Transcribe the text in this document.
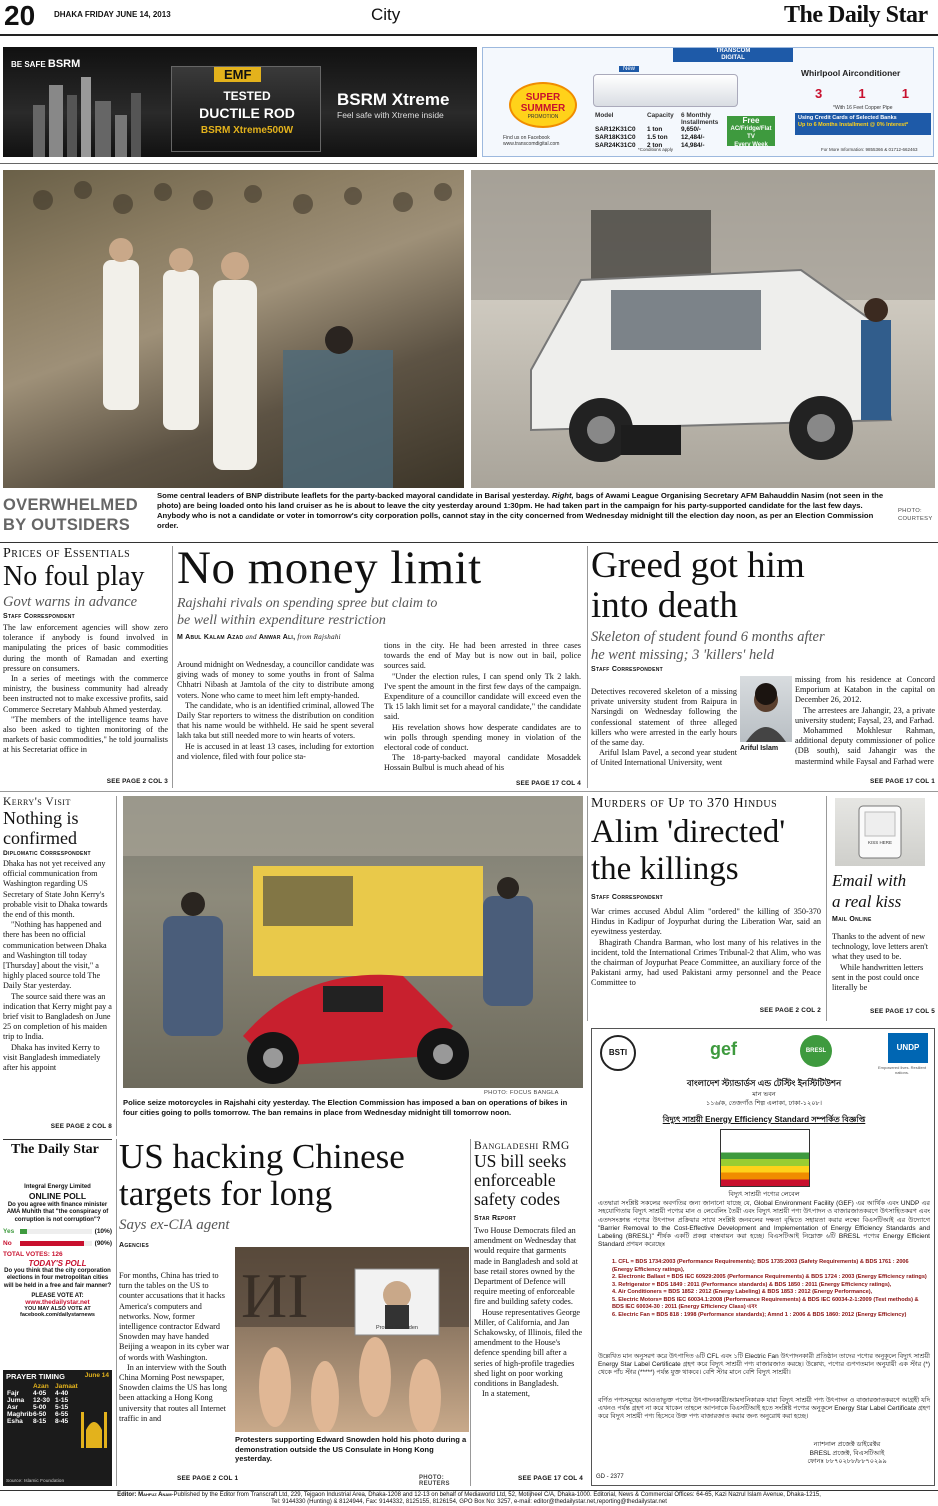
20 DHAKA FRIDAY JUNE 14, 2013	City	The Daily Star
BE SAFE BSRM
EMF
TESTED
DUCTILE ROD
BSRM Xtreme500W
BSRM Xtreme
Feel safe with Xtreme inside
TRANSCOM
DIGITAL
SUPER SUMMER
PROMOTION
New
Model	Capacity 6 Monthly Installments
SAR12K31C0	1 ton	9,650/-
SAR18K31C0	1.5 ton	12,484/-
SAR24K31C0	2 ton	14,984/-
Free
AC/Fridge/Flat TV
Every Week
Whirlpool Airconditioner
3	1	1
*With 16 Feet Copper Pipe
Using Credit Cards of Selected Banks
Up to 6 Months Installment @ 0% Interest*
Find us on Facebook
www.transcomdigital.com
*Conditions apply	For More Information: 9855366 & 01712-662463
OVERWHELMED
BY OUTSIDERS
Some central leaders of BNP distribute leaflets for the party-backed mayoral candidate in Barisal yesterday. Right, bags of Awami League Organising Secretary AFM Bahauddin Nasim (not seen in the photo) are being loaded onto his land cruiser as he is about to leave the city yesterday around 1:30pm. He had taken part in the campaign for his party-supported candidate for the last few days. Anybody who is not a candidate or voter in tomorrow's city corporation polls, cannot stay in the city concerned from Wednesday midnight till the election day noon, as per an Election Commission order.
PHOTO:
COURTESY
Prices of Essentials
No foul play
Govt warns in advance
Staff Correspondent

The law enforcement agencies will show zero tolerance if anybody is found involved in manipulating the prices of basic commodities during the month of Ramadan and exerting pressure on consumers.

In a series of meetings with the commerce ministry, the business community had already been instructed not to make excessive profits, said Commerce Secretary Mahbub Ahmed yesterday.

"The members of the intelligence teams have also been asked to tighten monitoring of the markets of basic commodities," he told journalists at his Secretariat office in

SEE PAGE 2 COL 3
No money limit
Rajshahi rivals on spending spree but claim to
be well within expenditure restriction
M Abul Kalam Azad and Anwar Ali, from Rajshahi

Around midnight on Wednesday, a councillor candidate was giving wads of money to some youths in front of Salma Chhatri Nibash at Jamtola of the city to distribute among voters. None who came to meet him left empty-handed.

The candidate, who is an identified criminal, allowed The Daily Star reporters to witness the distribution on condition that his name would be withheld. He said he spent several lakh taka but still needed more to win hearts of voters.

He is accused in at least 13 cases, including for extortion and violence, filed with four police sta-

tions in the city. He had been arrested in three cases towards the end of May but is now out in bail, police sources said.

"Under the election rules, I can spend only Tk 2 lakh. I've spent the amount in the first few days of the campaign. Expenditure of a councillor candidate will exceed even the Tk 15 lakh limit set for a mayoral candidate," the candidate said.

His revelation shows how desperate candidates are to win polls through spending money in violation of the electoral code of conduct.

The 18-party-backed mayoral candidate Mosaddek Hossain Bulbul is much ahead of his

SEE PAGE 17 COL 4
Greed got him
into death
Skeleton of student found 6 months after
he went missing; 3 'killers' held
Staff Correspondent

Detectives recovered skeleton of a missing private university student from Raipura in Narsingdi on Wednesday following the confessional statement of three alleged killers who were arrested in the early hours of the same day.

Ariful Islam Pavel, a second year student of United International University, went

Ariful Islam

missing from his residence at Concord Emporium at Katabon in the capital on December 26, 2012.

The arrestees are Jahangir, 23, a private university student; Faysal, 23, and Farhad.

Mohammed Mokhlesur Rahman, additional deputy commissioner of police (DB south), said Jahangir was the mastermind while Faysal and Farhad were

SEE PAGE 17 COL 1
Kerry's Visit
Nothing is
confirmed
Diplomatic Correspondent

Dhaka has not yet received any official communication from Washington regarding US Secretary of State John Kerry's probable visit to Dhaka towards the end of this month.

"Nothing has happened and there has been no official communication between Dhaka and Washington till today [Thursday] about the visit," a highly placed source told The Daily Star yesterday.

The source said there was an indication that Kerry might pay a brief visit to Bangladesh on June 25 on completion of his maiden trip to India.

Dhaka has invited Kerry to visit Bangladesh immediately after his appoint

SEE PAGE 2 COL 8
PHOTO: FOCUS BANGLA
Police seize motorcycles in Rajshahi city yesterday. The Election Commission has imposed a ban on operations of bikes in four cities going to polls tomorrow. The ban remains in place from Wednesday midnight till tomorrow noon.
Murders of Up to 370 Hindus
Alim 'directed'
the killings
Staff Correspondent

War crimes accused Abdul Alim "ordered" the killing of 350-370 Hindus in Kadipur of Joypurhat during the Liberation War, said an eyewitness yesterday.

Bhagirath Chandra Barman, who lost many of his relatives in the incident, told the International Crimes Tribunal-2 that Alim, who was the chairman of Joypurhat Peace Committee, an auxiliary force of the Pakistani army, had used Pakistani army personnel and the Peace Committee to

SEE PAGE 2 COL 2
KISS HERE
Email with
a real kiss
Mail Online

Thanks to the advent of new technology, love letters aren't what they used to be.

While handwritten letters sent in the post could once literally be

SEE PAGE 17 COL 5
The Daily Star
Integral Energy Limited
ONLINE POLL
Do you agree with finance minister AMA Muhith that "the conspiracy of corruption is not corruption"?
Yes	(10%)
No	(90%)
TOTAL VOTES: 126
TODAY'S POLL
Do you think that the city corporation elections in four metropolitan cities will be held in a free and fair manner?
PLEASE VOTE AT:
www.thedailystar.net
YOU MAY ALSO VOTE AT
facebook.com/dailystarnews
PRAYER TIMING	June 14
	Azan	Jamaat
Fajr	4-05	4-40
Juma	12-30	1-15
Asr	5-00	5-15
Maghrib	6-50	6-55
Esha	8-15	8-45
Source: Islamic Foundation
US hacking Chinese
targets for long
Says ex-CIA agent
Agencies

For months, China has tried to turn the tables on the US to counter accusations that it hacks America's computers and networks. Now, former intelligence contractor Edward Snowden may have handed Beijing a weapon in its cyber war of words with Washington.

In an interview with the South China Morning Post newspaper, Snowden claims the US has long been attacking a Hong Kong university that routes all Internet traffic in and

SEE PAGE 2 COL 1
ИI	Protect Snowden
Protesters supporting Edward Snowden hold his photo during a demonstration outside the US Consulate in Hong Kong yesterday.
PHOTO: REUTERS
Bangladeshi RMG
US bill seeks
enforceable
safety codes
Star Report

Two House Democrats filed an amendment on Wednesday that would require that garments made in Bangladesh and sold at base retail stores owned by the Department of Defence will require meeting of enforceable fire and building safety codes.

House representatives George Miller, of California, and Jan Schakowsky, of Illinois, filed the amendment to the House's defence spending bill after a series of high-profile tragedies shed light on poor working conditions in Bangladesh.

In a statement,

SEE PAGE 17 COL 4
BSTI	gef	BRESL	UNDP
Empowered lives. Resilient nations.
বাংলাদেশ স্ট্যান্ডার্ডস এন্ড টেস্টিং ইনস্টিটিউশন
মান ভবন
১১৬/ক, তেজগাঁও শিল্প এলাকা, ঢাকা-১২০৮।
বিদ্যুৎ সাশ্রয়ী Energy Efficiency Standard সম্পর্কিত বিজ্ঞপ্তি
বিদ্যুৎ সাশ্রয়ী পণ্যের লেবেল
এতদ্বারা সংশ্লিষ্ট সকলের অবগতির জন্য জানানো যাচ্ছে যে, Global Environment Facility (GEF) এর আর্থিক এবং UNDP এর সহযোগিতায় বিদ্যুৎ সাশ্রয়ী পণ্যের মান ও লেবেলিং তৈরী এবং বিদ্যুৎ সাশ্রয়ী পণ্য উৎপাদন ও বাজারজাতকরণে উৎসাহিতকরণ এবং এতদসংক্রান্ত পণ্যের উৎপাদন প্রক্রিয়ার সাথে সংশ্লিষ্ট জনবলের দক্ষতা বৃদ্ধিতে সহায়তা করার লক্ষ্যে বিএসটিআই এর উদ্যোগে "Barrier Removal to the Cost-Effective Development and Implementation of Energy Efficiency Standards and Labeling (BRESL)" শীর্ষক একটি প্রকল্প বাস্তবায়ন করা হচ্ছে। বিএসটিআই নিম্নোক্ত ৬টি BRESL পণ্যের Energy Efficient Standard প্রণয়ন করেছেঃ
1. CFL = BDS 1734:2003 (Performance Requirements); BDS 1735:2003 (Safety Requirements) & BDS 1761 : 2006 (Energy Efficiency ratings),
2. Electronic Ballast = BDS IEC 60929:2005 (Performance Requirements) & BDS 1724 : 2003 (Energy Efficiency ratings)
3. Refrigerator = BDS 1849 : 2011 (Performance standards) & BDS 1850 : 2011 (Energy Efficiency ratings),
4. Air Conditioners = BDS 1852 : 2012 (Energy Labeling) & BDS 1853 : 2012 (Energy Performance),
5. Electric Motors= BDS IEC 60034.1:2008 (Performance Requirements) & BDS IEC 60034-2-1:2009 (Test methods) & BDS IEC 60034-30 : 2011 (Energy Efficiency Class) এবং
6. Electric Fan = BDS 818 : 1998 (Performance standards); Amnd 1 : 2006 & BDS 1860: 2012 (Energy Efficiency)
উল্লেখিত মান অনুসরণ করে উৎপাদিত ৬টি CFL এবং ১টি Electric Fan উৎপাদনকারী প্রতিষ্ঠান তাদের পণ্যের অনুকূলে বিদ্যুৎ সাশ্রয়ী Energy Star Label Certificate গ্রহণ করে বিদ্যুৎ সাশ্রয়ী পণ্য বাজারজাত করছে। উল্লেখ্য, পণ্যের গুণগতমান অনুযায়ী এক স্টার (*) থেকে পাঁচ স্টার (*****) পর্যন্ত যুক্ত থাকবে। বেশি স্টার মানে বেশি বিদ্যুৎ সাশ্রয়ী।
বর্ণিত পণ্যসমূহের আওতাভুক্ত পণ্যের উৎপাদনকারী/আমদানিকারক যারা বিদ্যুৎ সাশ্রয়ী পণ্য উৎপাদন ও বাজারজাতকরণে আগ্রহী যদি এখনও পর্যন্ত গ্রহণ না করে থাকেন তাহলে আপনাকে বিএসটিআই হতে সংশ্লিষ্ট পণ্যের অনুকূলে Energy Star Label Certificate গ্রহণ করে বিদ্যুৎ সাশ্রয়ী পণ্য হিসেবে উক্ত পণ্য বাজারজাত করার জন্য অনুরোধ করা হচ্ছে।
ন্যাশনাল প্রজেক্ট ডাইরেক্টর
BRESL প্রজেক্ট, বিএসটিআই
ফোনঃ ৮৮৭০২৮৮/৮৮৭০২৯৯
GD - 2377
Editor: Mahfuz Anam-Published by the Editor from Transcraft Ltd, 229, Tejgaon Industrial Area, Dhaka-1208 and 12-13 on behalf of Mediaworld Ltd, 52, Motijheel C/A, Dhaka-1000. Editorial, News & Commercial Offices: 64-65, Kazi Nazrul Islam Avenue, Dhaka-1215,
Tel: 9144330 (Hunting) & 8124944, Fax: 9144332, 8125155, 8126154, GPO Box No: 3257, e-mail: editor@thedailystar.net,reporting@thedailystar.net
